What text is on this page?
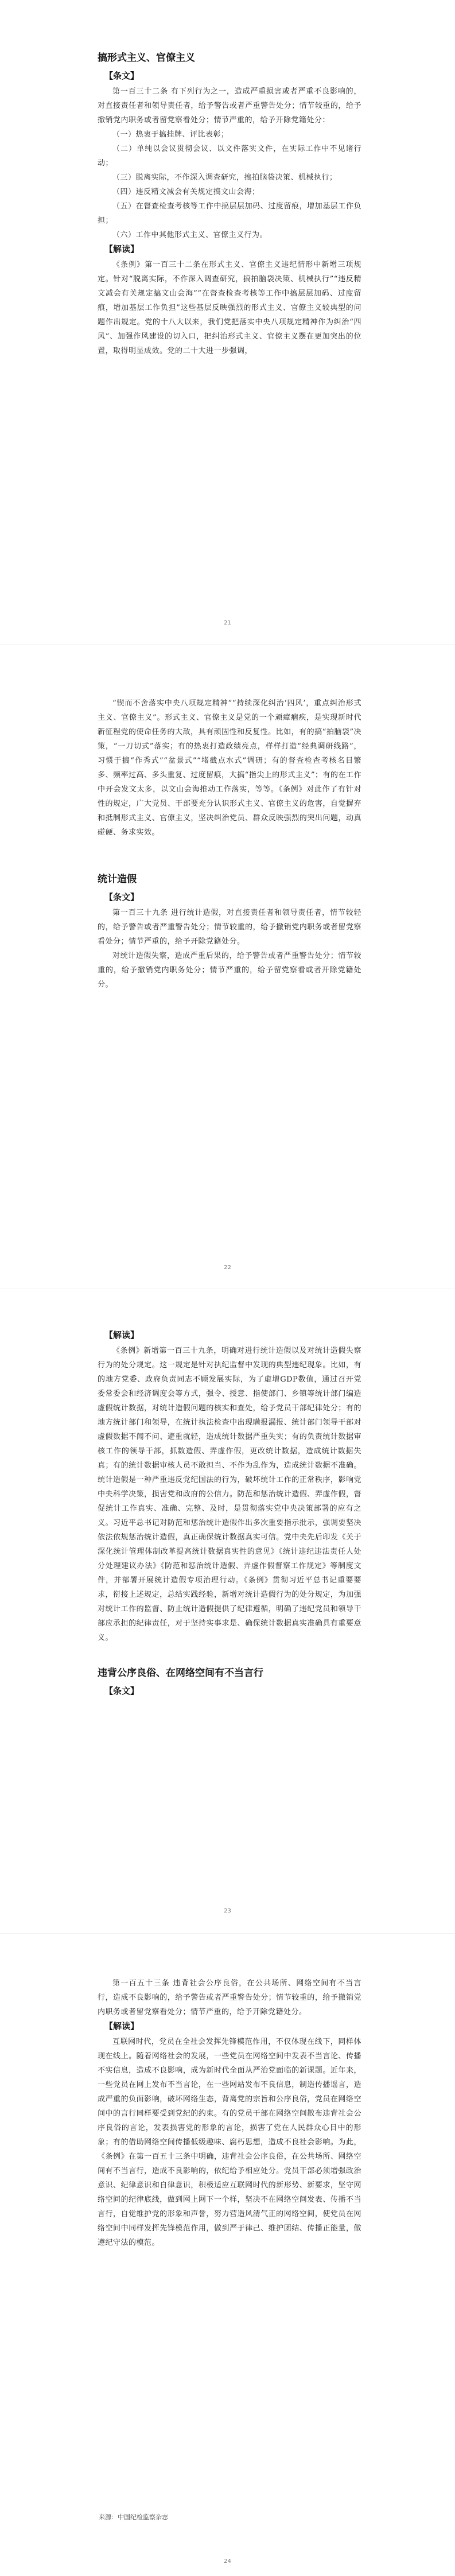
搞形式主义、官僚主义

【条文】

第一百三十二条 有下列行为之一，造成严重损害或者严重不良影响的，对直接责任者和领导责任者，给予警告或者严重警告处分；情节较重的，给予撤销党内职务或者留党察看处分；情节严重的，给予开除党籍处分：

（一）热衷于搞挂牌、评比表彰；

（二）单纯以会议贯彻会议、以文件落实文件，在实际工作中不见诸行动；

（三）脱离实际，不作深入调查研究，搞拍脑袋决策、机械执行；

（四）违反精文减会有关规定搞文山会海；

（五）在督查检查考核等工作中搞层层加码、过度留痕，增加基层工作负担；

（六）工作中其他形式主义、官僚主义行为。

【解读】

《条例》第一百三十二条在形式主义、官僚主义违纪情形中新增三项规定。针对“脱离实际，不作深入调查研究，搞拍脑袋决策、机械执行”“违反精文减会有关规定搞文山会海”“在督查检查考核等工作中搞层层加码、过度留痕，增加基层工作负担”这些基层反映强烈的形式主义、官僚主义较典型的问题作出规定。党的十八大以来，我们党把落实中央八项规定精神作为纠治“四风”、加强作风建设的切入口，把纠治形式主义、官僚主义摆在更加突出的位置，取得明显成效。党的二十大进一步强调，

21

“锲而不舍落实中央八项规定精神”“持续深化纠治‘四风’，重点纠治形式主义、官僚主义”。形式主义、官僚主义是党的一个顽瘴痼疾，是实现新时代新征程党的使命任务的大敌，具有顽固性和反复性。比如，有的搞“拍脑袋”决策，“一刀切式”落实；有的热衷打造政绩亮点，样样打造“经典调研线路”，习惯于搞“作秀式”“盆景式”“堵截点水式”调研；有的督查检查考核名目繁多、频率过高、多头重复、过度留痕，大搞“指尖上的形式主义”；有的在工作中开会发文太多，以文山会海推动工作落实，等等。《条例》对此作了有针对性的规定，广大党员、干部要充分认识形式主义、官僚主义的危害，自觉摒弃和抵制形式主义、官僚主义，坚决纠治党员、群众反映强烈的突出问题，动真碰硬、务求实效。

统计造假

【条文】

第一百三十九条 进行统计造假，对直接责任者和领导责任者，情节较轻的，给予警告或者严重警告处分；情节较重的，给予撤销党内职务或者留党察看处分；情节严重的，给予开除党籍处分。

对统计造假失察，造成严重后果的，给予警告或者严重警告处分；情节较重的，给予撤销党内职务处分；情节严重的，给予留党察看或者开除党籍处分。

22

【解读】

《条例》新增第一百三十九条，明确对进行统计造假以及对统计造假失察行为的处分规定。这一规定是针对执纪监督中发现的典型违纪现象。比如，有的地方党委、政府负责同志不顾发展实际，为了虚增GDP数值，通过召开党委常委会和经济调度会等方式，强令、授意、指使部门、乡镇等统计部门编造虚假统计数据，对统计造假问题的核实和查处，给予党员干部纪律处分；有的地方统计部门和领导，在统计执法检查中出现瞒报漏报、统计部门领导干部对虚假数据不闻不问、避重就轻，造成统计数据严重失实；有的负责统计数据审核工作的领导干部，抓数造假、弄虚作假，更改统计数据，造成统计数据失真；有的统计数据审核人员不敢担当、不作为乱作为，造成统计数据不准确。统计造假是一种严重违反党纪国法的行为，破坏统计工作的正常秩序，影响党中央科学决策，损害党和政府的公信力。防范和惩治统计造假、弄虚作假，督促统计工作真实、准确、完整、及时，是贯彻落实党中央决策部署的应有之义。习近平总书记对防范和惩治统计造假作出多次重要指示批示，强调要坚决依法依规惩治统计造假，真正确保统计数据真实可信。党中央先后印发《关于深化统计管理体制改革提高统计数据真实性的意见》《统计违纪违法责任人处分处理建议办法》《防范和惩治统计造假、弄虚作假督察工作规定》等制度文件，并部署开展统计造假专项治理行动。《条例》贯彻习近平总书记重要要求，衔接上述规定，总结实践经验，新增对统计造假行为的处分规定，为加强对统计工作的监督、防止统计造假提供了纪律遵循，明确了违纪党员和领导干部应承担的纪律责任，对于坚持实事求是、确保统计数据真实准确具有重要意义。

违背公序良俗、在网络空间有不当言行

【条文】

23

第一百五十三条 违背社会公序良俗，在公共场所、网络空间有不当言行，造成不良影响的，给予警告或者严重警告处分；情节较重的，给予撤销党内职务或者留党察看处分；情节严重的，给予开除党籍处分。

【解读】

互联网时代，党员在全社会发挥先锋模范作用，不仅体现在线下，同样体现在线上。随着网络社会的发展，一些党员在网络空间中发表不当言论、传播不实信息，造成不良影响，成为新时代全面从严治党面临的新课题。近年来，一些党员在网上发布不当言论，在一些网站发布不良信息，制造传播谣言，造成严重的负面影响，破坏网络生态，背离党的宗旨和公序良俗，党员在网络空间中的言行同样要受到党纪的约束。有的党员干部在网络空间散布违背社会公序良俗的言论，发表损害党的形象的言论，损害了党在人民群众心目中的形象；有的借助网络空间传播低级趣味、腐朽思想，造成不良社会影响。为此，《条例》在第一百五十三条中明确，违背社会公序良俗，在公共场所、网络空间有不当言行，造成不良影响的，依纪给予相应处分。党员干部必须增强政治意识、纪律意识和自律意识，积极适应互联网时代的新形势、新要求，坚守网络空间的纪律底线，做到网上网下一个样，坚决不在网络空间发表、传播不当言行，自觉维护党的形象和声誉，努力营造风清气正的网络空间，使党员在网络空间中同样发挥先锋模范作用，做到严于律己、维护团结、传播正能量，做遵纪守法的模范。

来源：中国纪检监察杂志
24
